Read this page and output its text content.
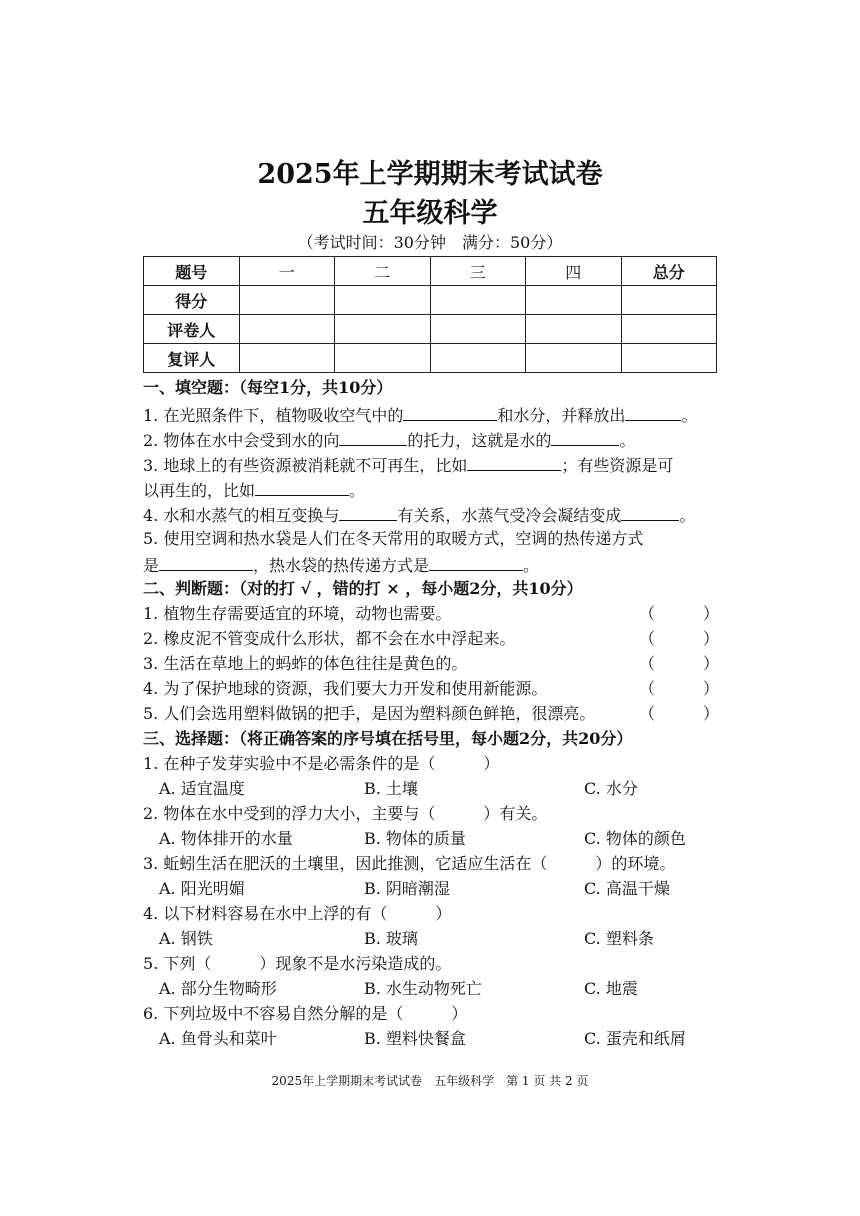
2025年上学期期末考试试卷
五年级科学
（考试时间：30分钟　满分：50分）
题号	一	二	三	四	总分
得分					
评卷人					
复评人					
一、填空题：（每空1分，共10分）
1. 在光照条件下，植物吸收空气中的	和水分，并释放出	。
2. 物体在水中会受到水的向	的托力，这就是水的	。
3. 地球上的有些资源被消耗就不可再生，比如	；有些资源是可
以再生的，比如	。
4. 水和水蒸气的相互变换与	有关系，水蒸气受冷会凝结变成	。
5. 使用空调和热水袋是人们在冬天常用的取暖方式，空调的热传递方式
是	，热水袋的热传递方式是	。
二、判断题：（对的打 √ ，错的打 × ，每小题2分，共10分）
1. 植物生存需要适宜的环境，动物也需要。	（　　　）
2. 橡皮泥不管变成什么形状，都不会在水中浮起来。	（　　　）
3. 生活在草地上的蚂蚱的体色往往是黄色的。	（　　　）
4. 为了保护地球的资源，我们要大力开发和使用新能源。	（　　　）
5. 人们会选用塑料做锅的把手，是因为塑料颜色鲜艳，很漂亮。	（　　　）
三、选择题：（将正确答案的序号填在括号里，每小题2分，共20分）
1. 在种子发芽实验中不是必需条件的是（　　　）
A. 适宜温度	B. 土壤	C. 水分
2. 物体在水中受到的浮力大小，主要与（　　　）有关。
A. 物体排开的水量	B. 物体的质量	C. 物体的颜色
3. 蚯蚓生活在肥沃的土壤里，因此推测，它适应生活在（　　　）的环境。
A. 阳光明媚	B. 阴暗潮湿	C. 高温干燥
4. 以下材料容易在水中上浮的有（　　　）
A. 钢铁	B. 玻璃	C. 塑料条
5. 下列（　　　）现象不是水污染造成的。
A. 部分生物畸形	B. 水生动物死亡	C. 地震
6. 下列垃圾中不容易自然分解的是（　　　）
A. 鱼骨头和菜叶	B. 塑料快餐盒	C. 蛋壳和纸屑
2025年上学期期末考试试卷　五年级科学　第 1 页 共 2 页
